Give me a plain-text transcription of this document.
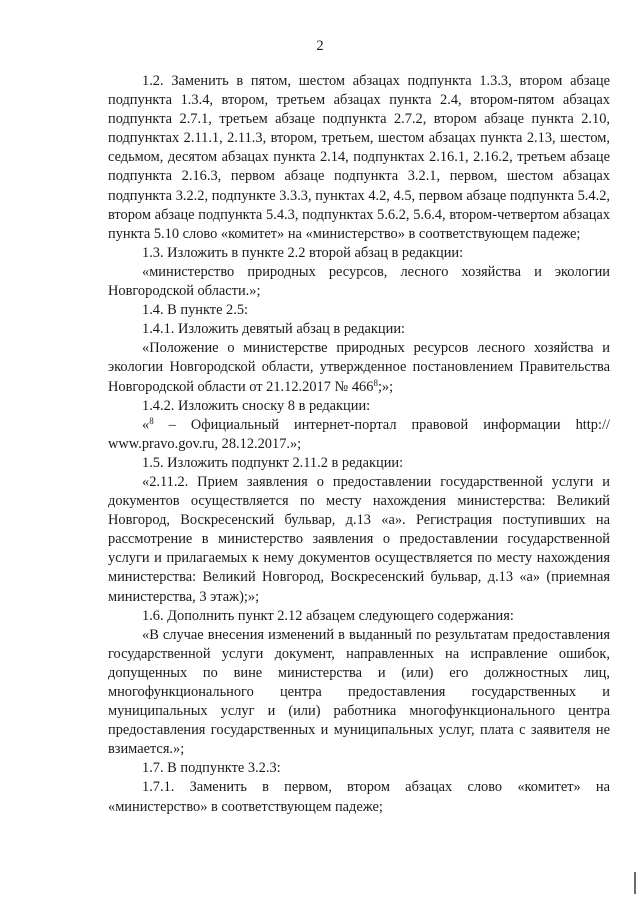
2

1.2. Заменить в пятом, шестом абзацах подпункта 1.3.3, втором абзаце подпункта 1.3.4, втором, третьем абзацах пункта 2.4, втором-пятом абзацах подпункта 2.7.1, третьем абзаце подпункта 2.7.2, втором абзаце пункта 2.10, подпунктах 2.11.1, 2.11.3, втором, третьем, шестом абзацах пункта 2.13, шестом, седьмом, десятом абзацах пункта 2.14, подпунктах 2.16.1, 2.16.2, третьем абзаце подпункта 2.16.3, первом абзаце подпункта 3.2.1, первом, шестом абзацах подпункта 3.2.2, подпункте 3.3.3, пунктах 4.2, 4.5, первом абзаце подпункта 5.4.2, втором абзаце подпункта 5.4.3, подпунктах 5.6.2, 5.6.4, втором-четвертом абзацах пункта 5.10 слово «комитет» на «министерство» в соответствующем падеже;

1.3. Изложить в пункте 2.2 второй абзац в редакции:

«министерство природных ресурсов, лесного хозяйства и экологии Новгородской области.»;

1.4. В пункте 2.5:

1.4.1. Изложить девятый абзац в редакции:

«Положение о министерстве природных ресурсов лесного хозяйства и экологии Новгородской области, утвержденное постановлением Правительства Новгородской области от 21.12.2017 № $466^8$;»;

1.4.2. Изложить сноску 8 в редакции:

«$^8$ – Официальный интернет-портал правовой информации http:// www.pravo.gov.ru, 28.12.2017.»;

1.5. Изложить подпункт 2.11.2 в редакции:

«2.11.2. Прием заявления о предоставлении государственной услуги и документов осуществляется по месту нахождения министерства: Великий Новгород, Воскресенский бульвар, д.13 «а». Регистрация поступивших на рассмотрение в министерство заявления о предоставлении государственной услуги и прилагаемых к нему документов осуществляется по месту нахождения министерства: Великий Новгород, Воскресенский бульвар, д.13 «а» (приемная министерства, 3 этаж);»;

1.6. Дополнить пункт 2.12 абзацем следующего содержания:

«В случае внесения изменений в выданный по результатам предоставления государственной услуги документ, направленных на исправление ошибок, допущенных по вине министерства и (или) его должностных лиц, многофункционального центра предоставления государственных и муниципальных услуг и (или) работника многофункционального центра предоставления государственных и муниципальных услуг, плата с заявителя не взимается.»;

1.7. В подпункте 3.2.3:

1.7.1. Заменить в первом, втором абзацах слово «комитет» на «министерство» в соответствующем падеже;
